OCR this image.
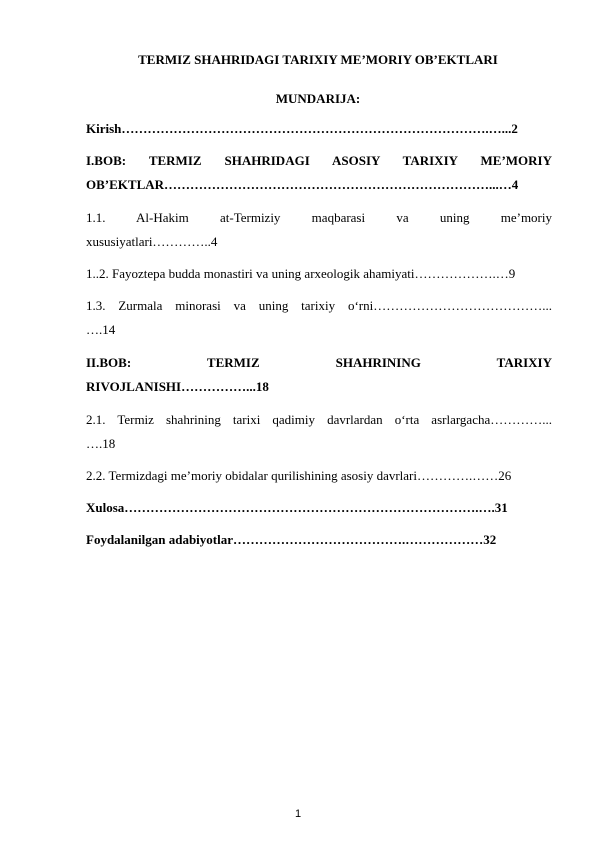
TERMIZ SHAHRIDAGI TARIXIY ME’MORIY OB’EKTLARI
MUNDARIJA:
Kirish………………………………………………………………………….…...2
I.BOB: TERMIZ SHAHRIDAGI ASOSIY TARIXIY ME’MORIY
OB’EKTLAR…………………………………………………………………...…4
1.1. Al-Hakim at-Termiziy maqbarasi va uning me’moriy
xususiyatlari…………..4
1..2. Fayoztepa budda monastiri va uning arxeologik ahamiyati……………….…9
1.3. Zurmala minorasi va uning tarixiy o‘rni…………………………………...
….14
II.BOB: TERMIZ SHAHRINING TARIXIY
RIVOJLANISHI……………...18
2.1. Termiz shahrining tarixi qadimiy davrlardan o‘rta asrlargacha…………...
….18
2.2. Termizdagi me’moriy obidalar qurilishining asosiy davrlari………….……26
Xulosa……………………………………………………………………….….31
Foydalanilgan adabiyotlar………………………………….………………32
1
